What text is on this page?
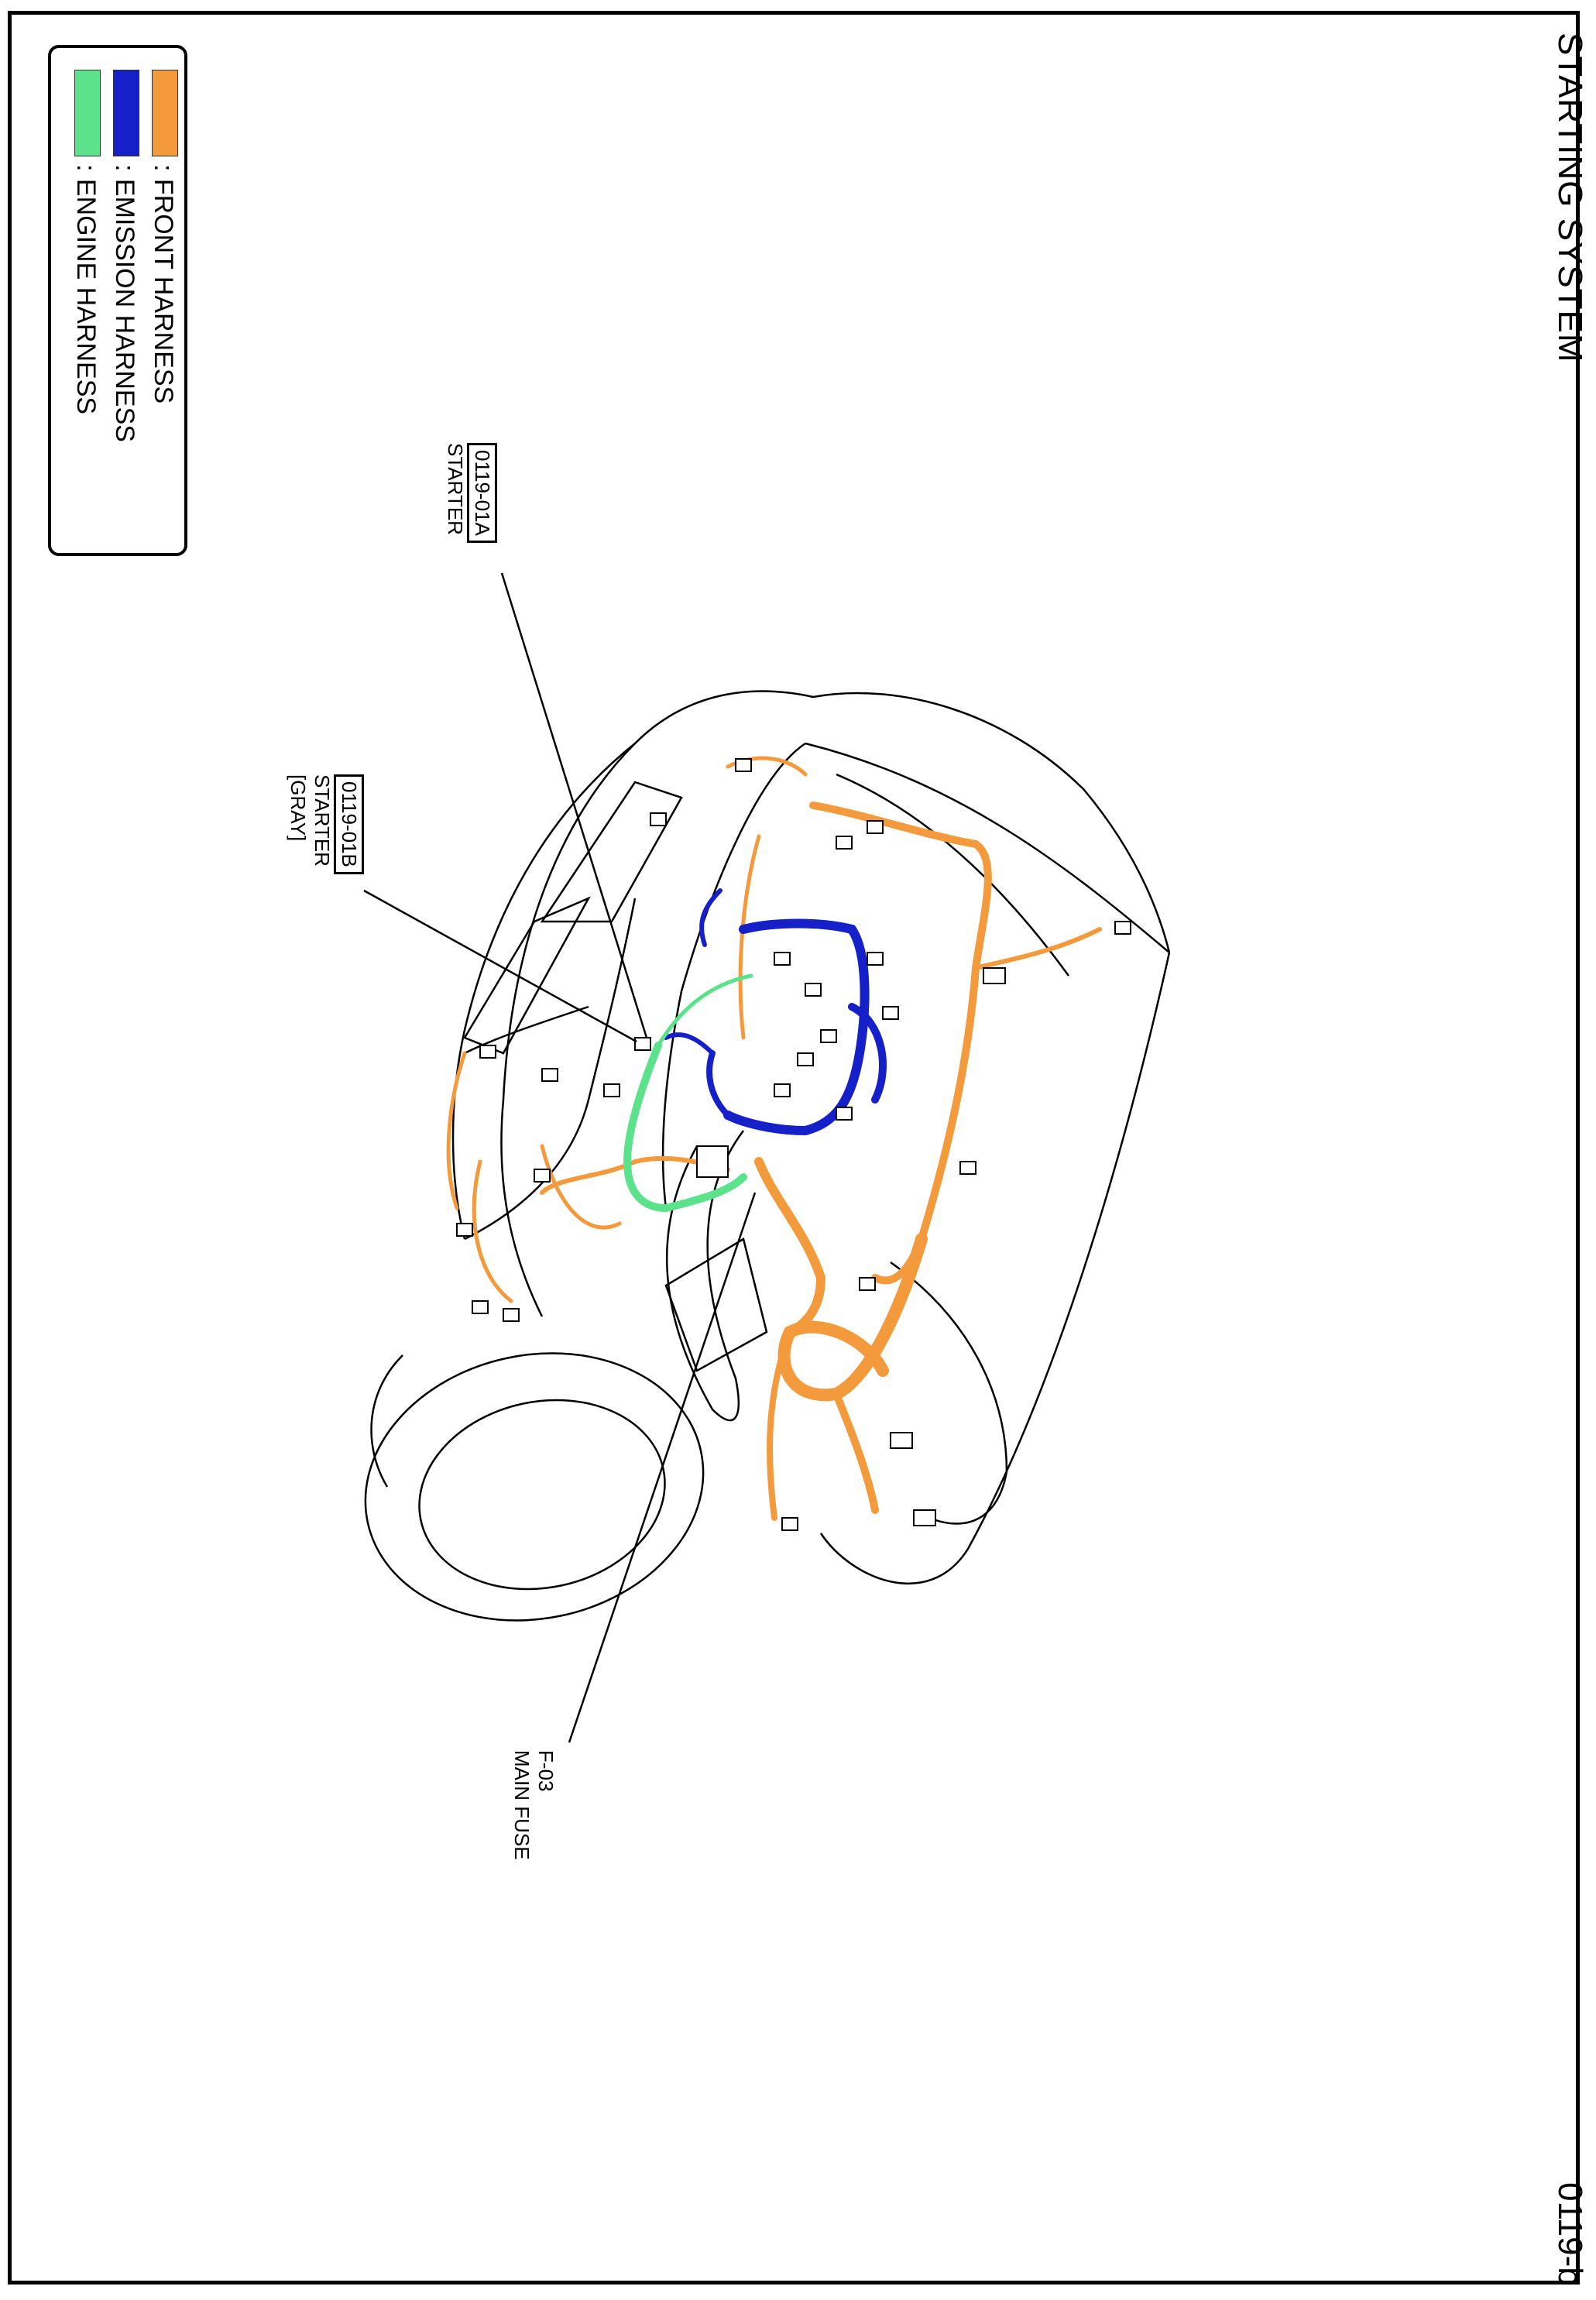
STARTING SYSTEM
0119-b
: FRONT HARNESS
: EMISSION HARNESS
: ENGINE HARNESS
0119-01A
STARTER
0119-01B
STARTER
[GRAY]
F-03
MAIN FUSE
